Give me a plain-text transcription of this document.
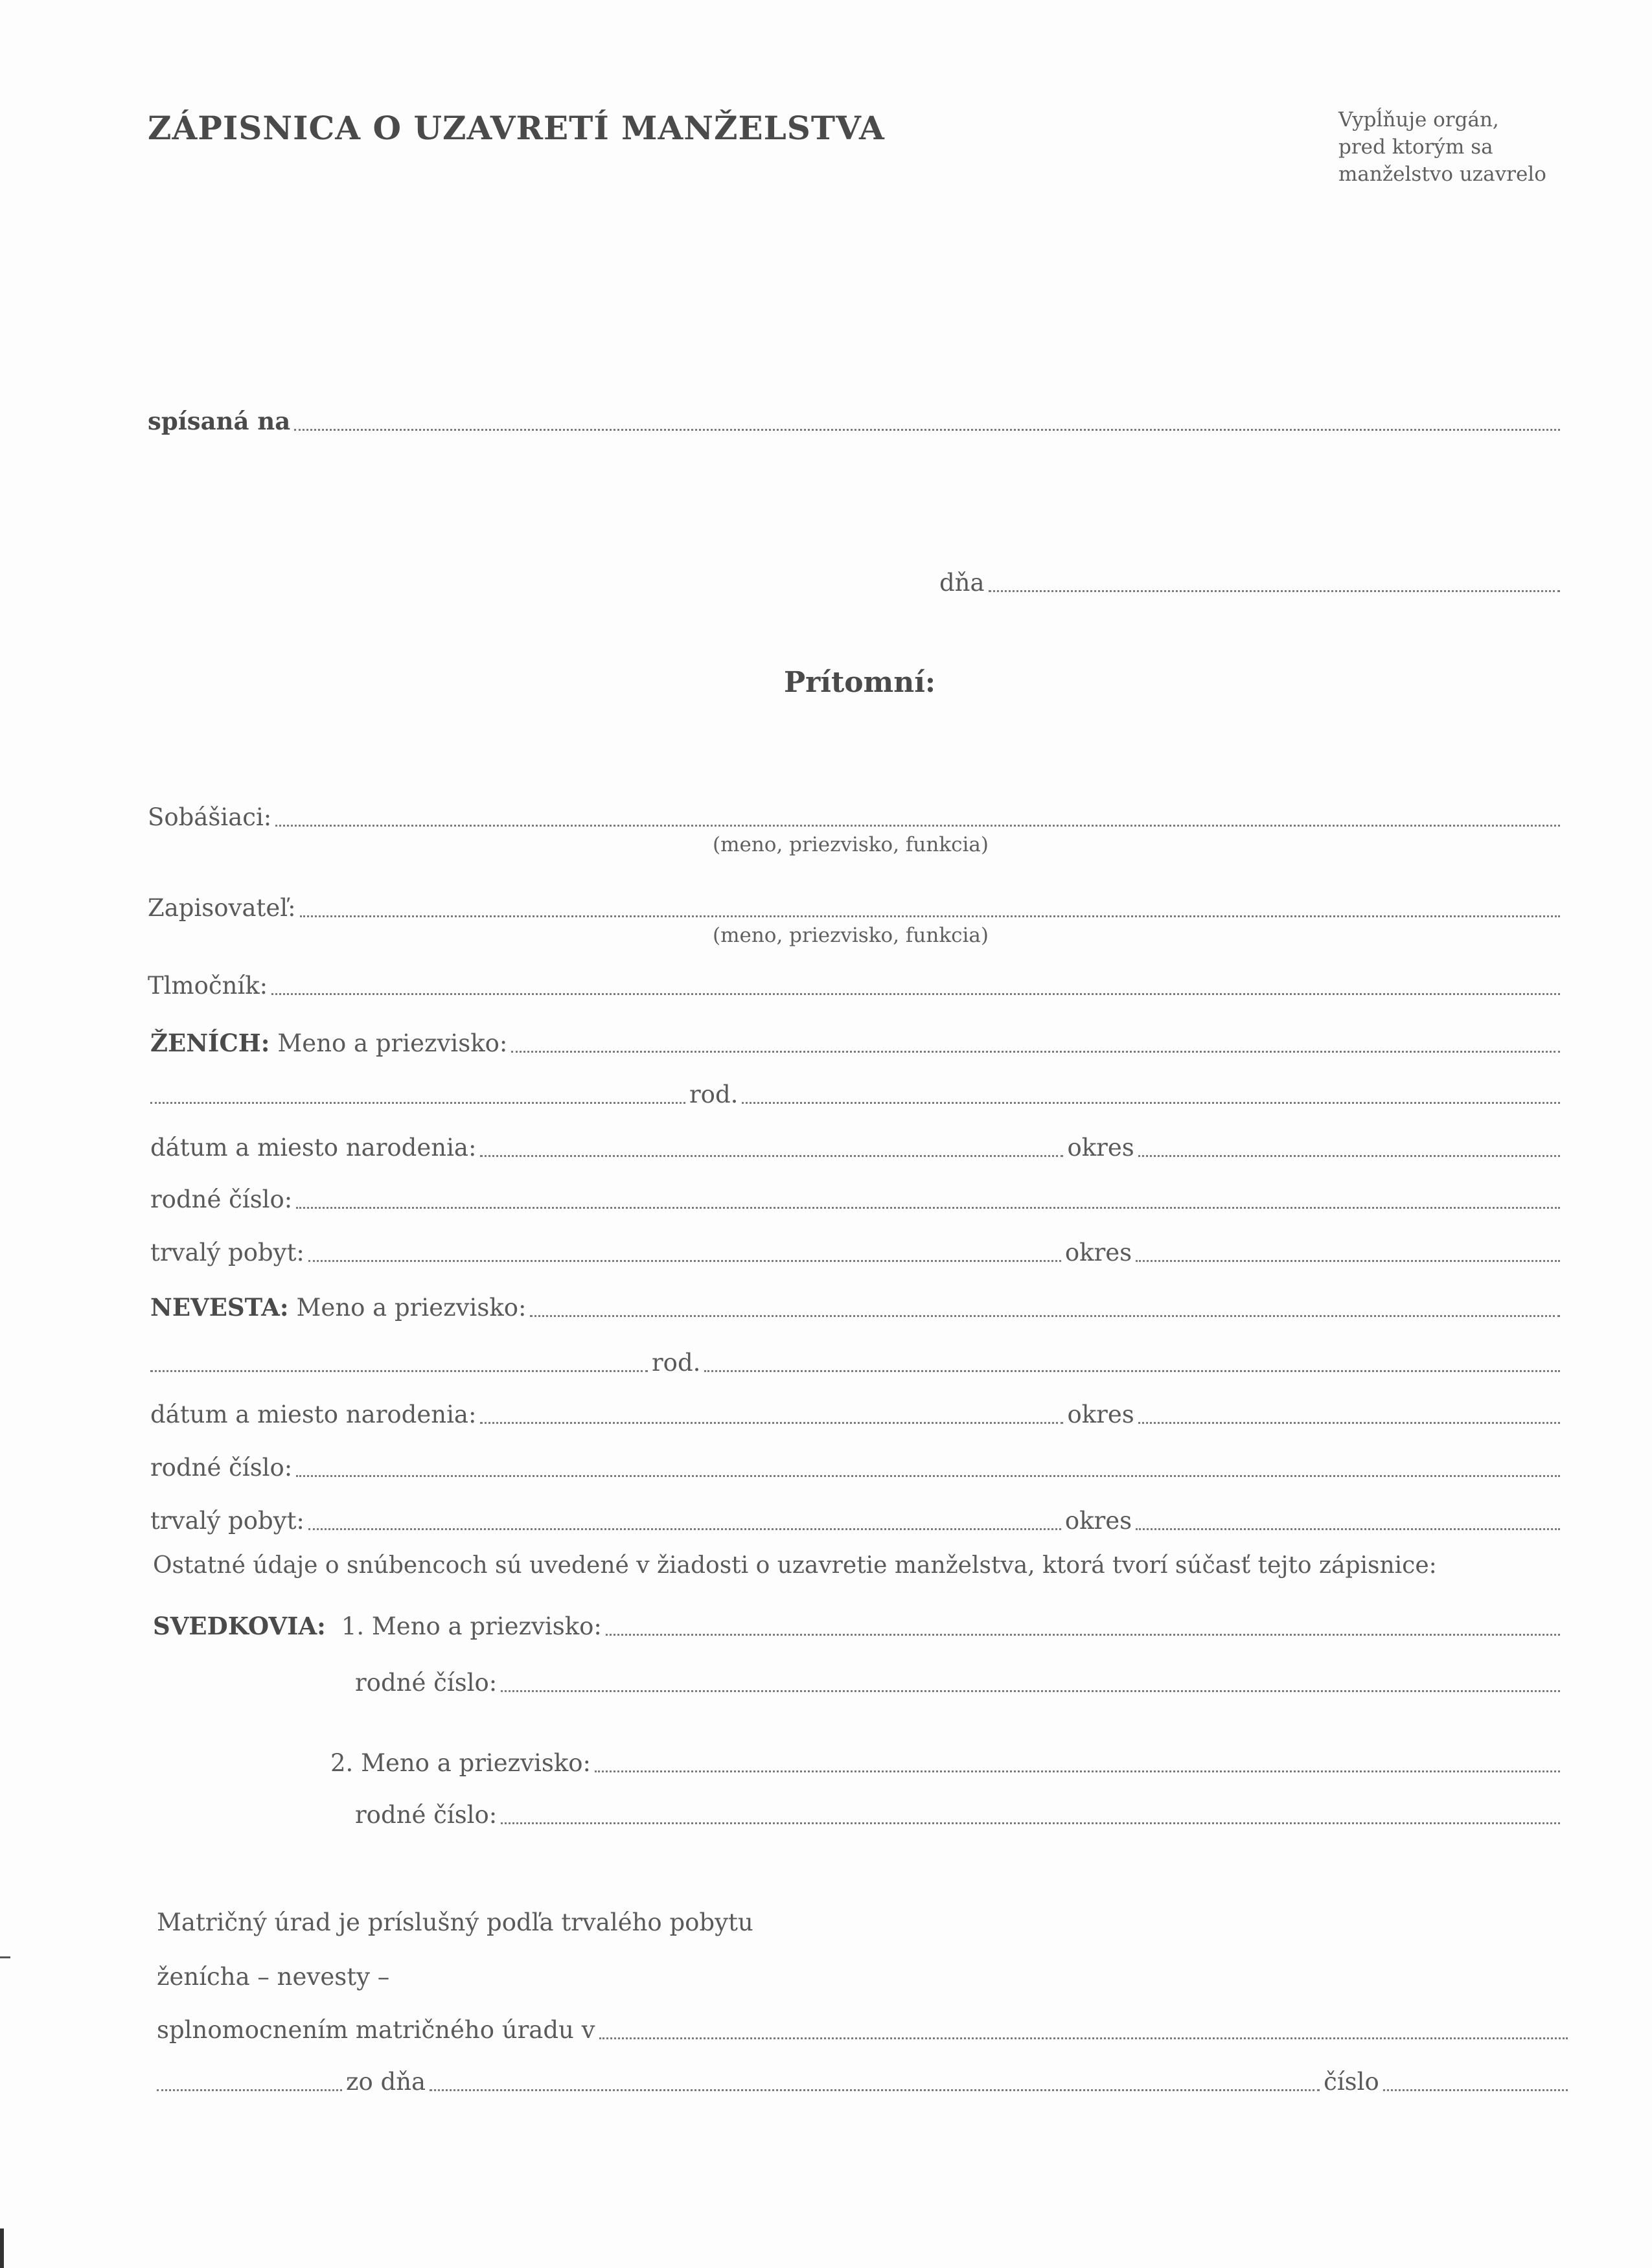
ZÁPISNICA O UZAVRETÍ MANŽELSTVA	Vypĺňuje orgán,
pred ktorým sa
manželstvo uzavrelo
spísaná na
dňa
Prítomní:
Sobášiaci:
(meno, priezvisko, funkcia)
Zapisovateľ:
(meno, priezvisko, funkcia)
Tlmočník:
ŽENÍCH: Meno a priezvisko:
rod.
dátum a miesto narodenia:	okres
rodné číslo:
trvalý pobyt:	okres
NEVESTA: Meno a priezvisko:
rod.
dátum a miesto narodenia:	okres
rodné číslo:
trvalý pobyt:	okres
Ostatné údaje o snúbencoch sú uvedené v žiadosti o uzavretie manželstva, ktorá tvorí súčasť tejto zápisnice:
SVEDKOVIA: 1. Meno a priezvisko:
rodné číslo:
2. Meno a priezvisko:
rodné číslo:
Matričný úrad je príslušný podľa trvalého pobytu
ženícha – nevesty –
splnomocnením matričného úradu v
zo dňa	číslo
